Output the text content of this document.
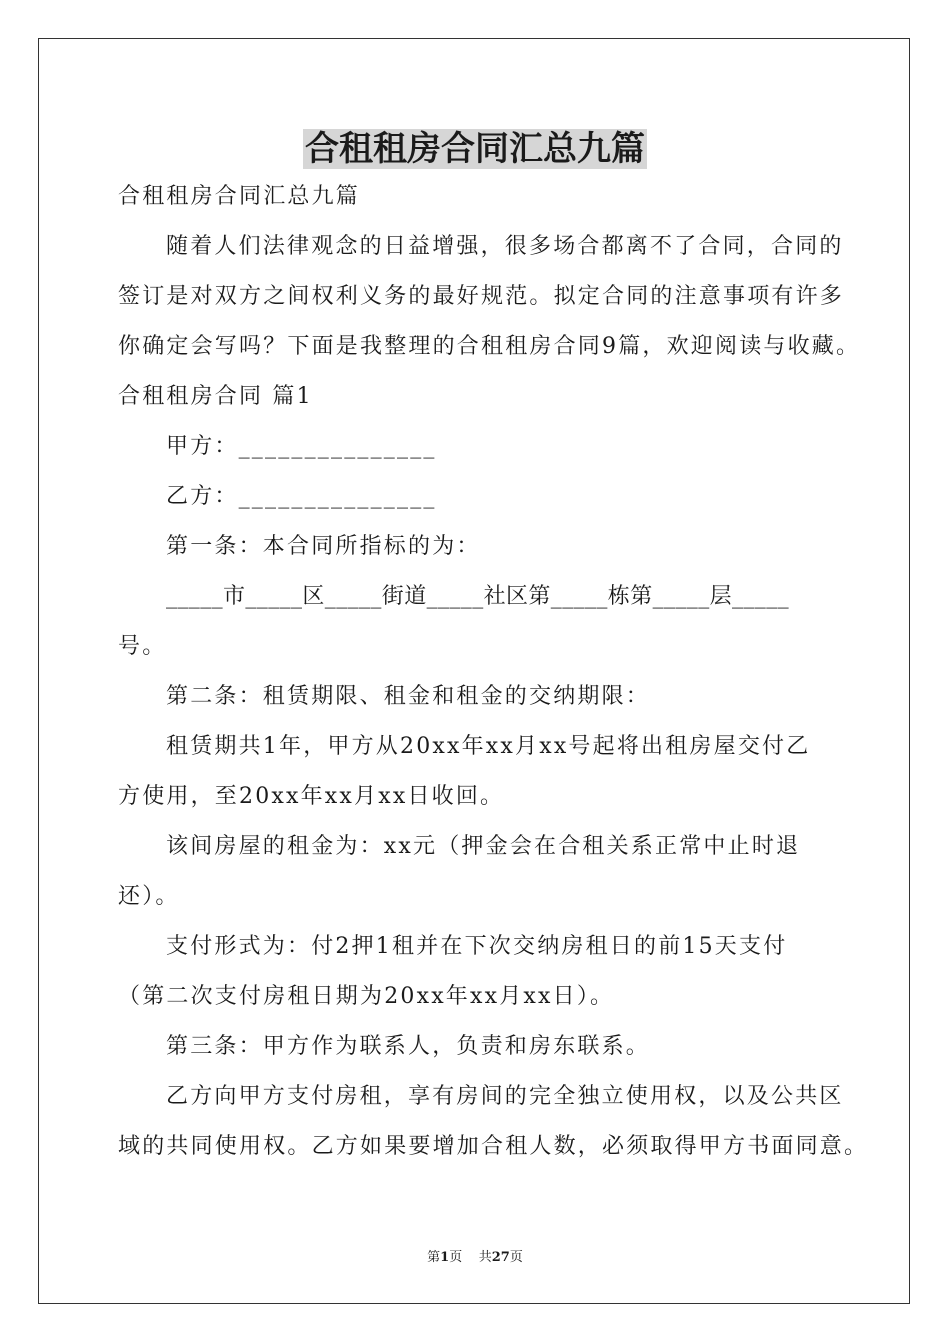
合租租房合同汇总九篇

合租租房合同汇总九篇

随着人们法律观念的日益增强，很多场合都离不了合同，合同的

签订是对双方之间权利义务的最好规范。拟定合同的注意事项有许多

你确定会写吗？下面是我整理的合租租房合同9篇，欢迎阅读与收藏。

合租租房合同 篇1

甲方：_______________

乙方：_______________

第一条：本合同所指标的为：

_____市_____区_____街道_____社区第_____栋第_____层_____

号。

第二条：租赁期限、租金和租金的交纳期限：

租赁期共1年，甲方从20xx年xx月xx号起将出租房屋交付乙

方使用，至20xx年xx月xx日收回。

该间房屋的租金为：xx元（押金会在合租关系正常中止时退

还）。

支付形式为：付2押1租并在下次交纳房租日的前15天支付

（第二次支付房租日期为20xx年xx月xx日）。

第三条：甲方作为联系人，负责和房东联系。

乙方向甲方支付房租，享有房间的完全独立使用权，以及公共区

域的共同使用权。乙方如果要增加合租人数，必须取得甲方书面同意。

第1页 共27页
